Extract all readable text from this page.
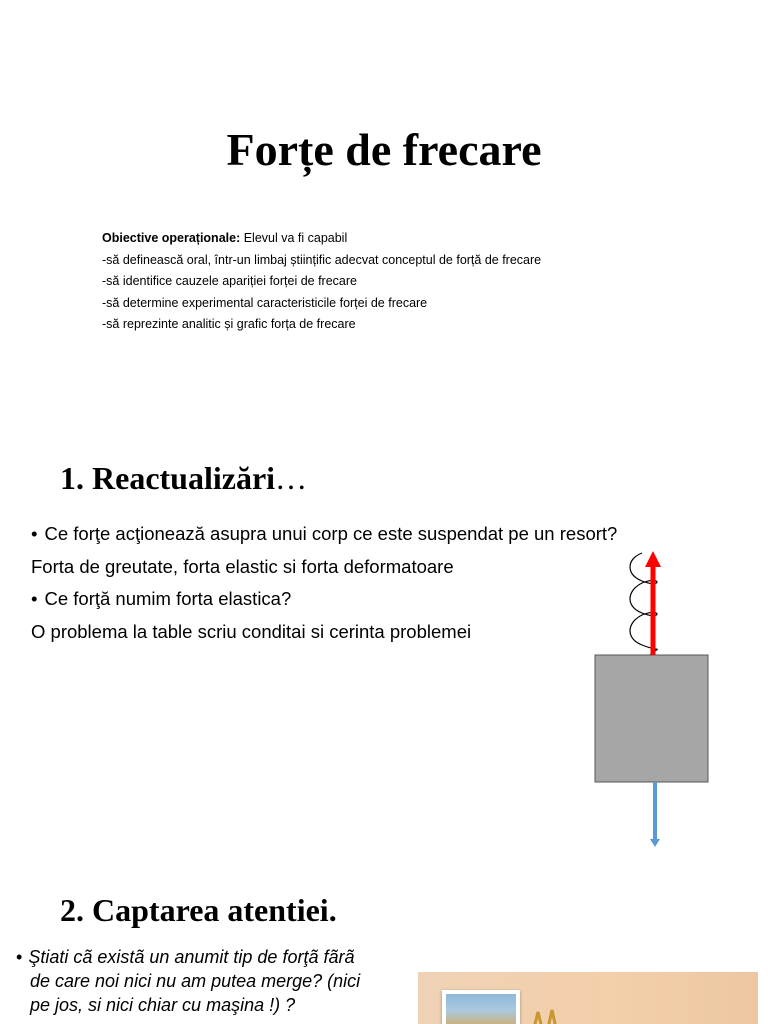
Forțe de frecare
Obiective operaționale: Elevul va fi capabil
-să definească oral, într-un limbaj științific adecvat conceptul de forță de frecare
-să identifice cauzele apariției forței de frecare
-să determine experimental caracteristicile forței de frecare
-să reprezinte analitic și grafic forța de frecare
1. Reactualizări…
• Ce forţe acţionează asupra unui corp ce este suspendat pe un resort?
Forta de greutate, forta elastic si forta deformatoare
• Ce forţă numim forta elastica?
O problema la table scriu conditai si cerinta problemei
2. Captarea atentiei.
• Ştiati cã existã un anumit tip de forţã fãrã
de care noi nici nu am putea merge? (nici
pe jos, si nici chiar cu maşina !) ?
